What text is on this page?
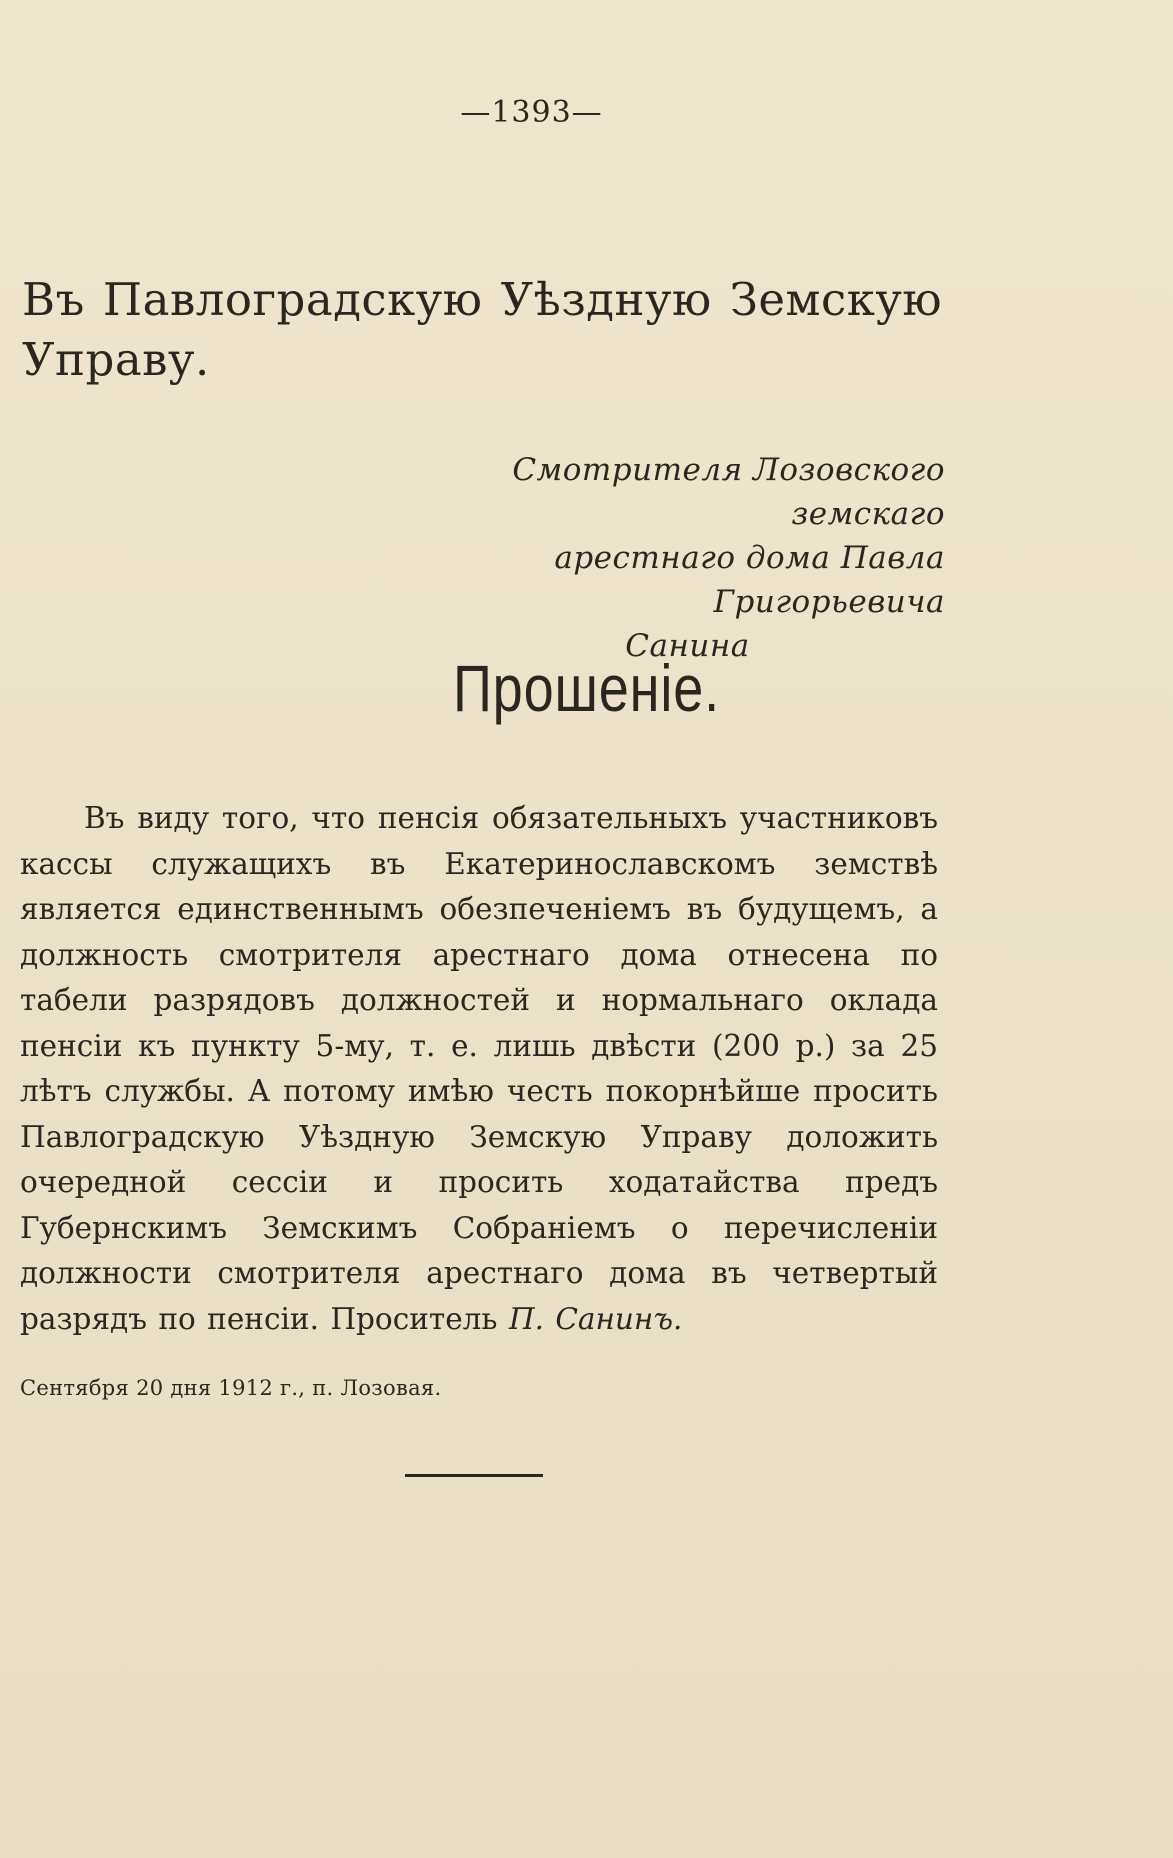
—1393—
Въ Павлоградскую Уѣздную Земскую Управу.
Смотрителя Лозовского земскаго
арестнаго дома Павла Григорьевича

Санина
Прошеніе.
Въ виду того, что пенсія обязательныхъ участниковъ кассы служащихъ въ Екатеринославскомъ земствѣ является единственнымъ обезпеченіемъ въ будущемъ, а должность смотрителя арестнаго дома отнесена по табели разрядовъ должностей и нормальнаго оклада пенсіи къ пункту 5-му, т. е. лишь двѣсти (200 р.) за 25 лѣтъ службы. А потому имѣю честь покорнѣйше просить Павлоградскую Уѣздную Земскую Управу доложить очередной сессіи и просить ходатайства предъ Губернскимъ Земскимъ Собраніемъ о перечисленіи должности смотрителя арестнаго дома въ четвертый разрядъ по пенсіи. Проситель П. Санинъ.
Сентября 20 дня 1912 г., п. Лозовая.
